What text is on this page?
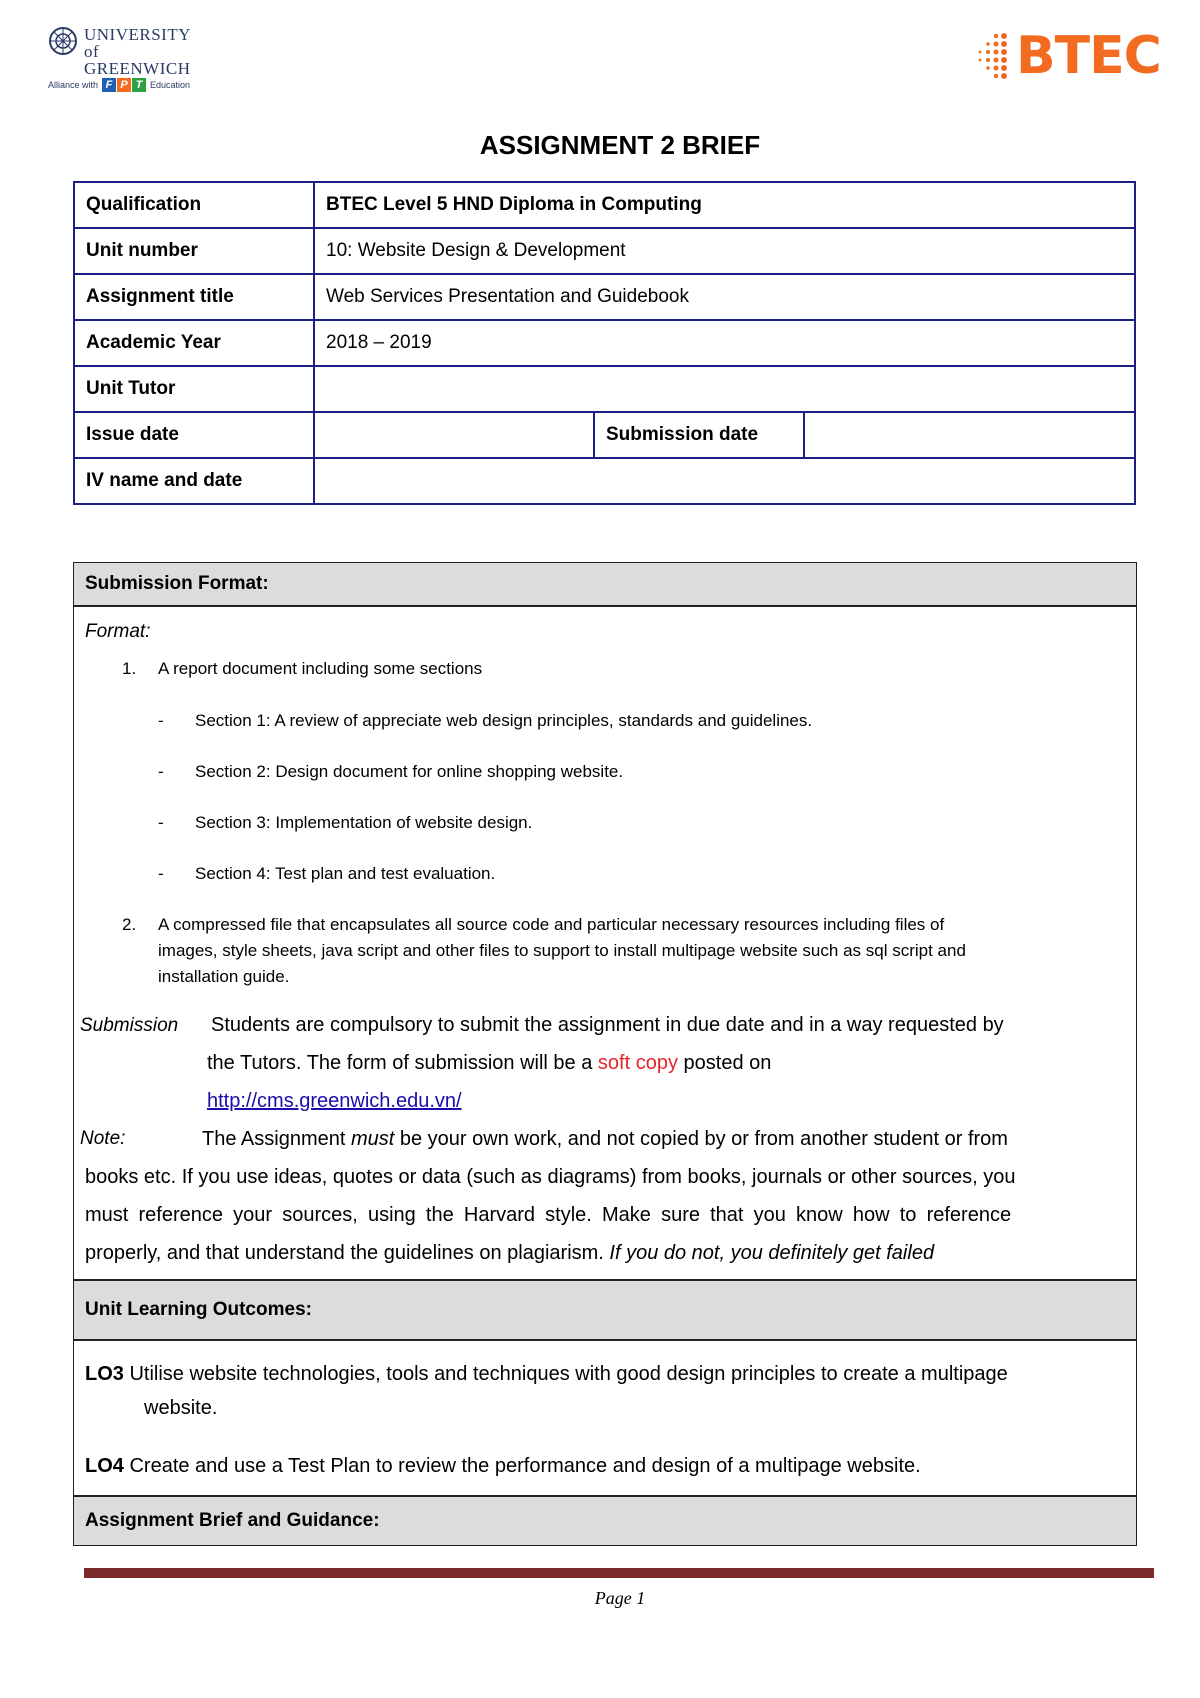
UNIVERSITY of
GREENWICH
Alliance with F P T Education	BTEC
ASSIGNMENT 2 BRIEF
Qualification	BTEC Level 5 HND Diploma in Computing		
Unit number	10: Website Design & Development		
Assignment title	Web Services Presentation and Guidebook		
Academic Year	2018 – 2019		
Unit Tutor			
Issue date		Submission date	
IV name and date			
Submission Format:
Format:
1. A report document including some sections
- Section 1: A review of appreciate web design principles, standards and guidelines.
- Section 2: Design document for online shopping website.
- Section 3: Implementation of website design.
- Section 4: Test plan and test evaluation.
2. A compressed file that encapsulates all source code and particular necessary resources including files of
images, style sheets, java script and other files to support to install multipage website such as sql script and
installation guide.
Submission Students are compulsory to submit the assignment in due date and in a way requested by
the Tutors. The form of submission will be a soft copy posted on
http://cms.greenwich.edu.vn/
Note:	The Assignment must be your own work, and not copied by or from another student or from
books etc. If you use ideas, quotes or data (such as diagrams) from books, journals or other sources, you
must reference your sources, using the Harvard style. Make sure that you know how to reference
properly, and that understand the guidelines on plagiarism. If you do not, you definitely get failed
Unit Learning Outcomes:
LO3 Utilise website technologies, tools and techniques with good design principles to create a multipage
website.
LO4 Create and use a Test Plan to review the performance and design of a multipage website.
Assignment Brief and Guidance:
Page 1
